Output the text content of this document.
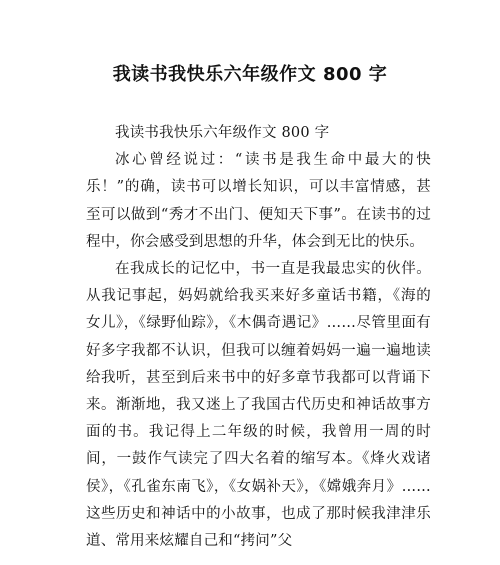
我读书我快乐六年级作文 800 字

我读书我快乐六年级作文 800 字

冰心曾经说过：“读书是我生命中最大的快乐！”的确，读书可以增长知识，可以丰富情感，甚至可以做到“秀才不出门、便知天下事”。在读书的过程中，你会感受到思想的升华，体会到无比的快乐。

在我成长的记忆中，书一直是我最忠实的伙伴。从我记事起，妈妈就给我买来好多童话书籍，《海的女儿》，《绿野仙踪》，《木偶奇遇记》……尽管里面有好多字我都不认识，但我可以缠着妈妈一遍一遍地读给我听，甚至到后来书中的好多章节我都可以背诵下来。渐渐地，我又迷上了我国古代历史和神话故事方面的书。我记得上二年级的时候，我曾用一周的时间，一鼓作气读完了四大名着的缩写本。《烽火戏诸侯》，《孔雀东南飞》，《女娲补天》，《嫦娥奔月》……这些历史和神话中的小故事，也成了那时候我津津乐道、常用来炫耀自己和“拷问”父
